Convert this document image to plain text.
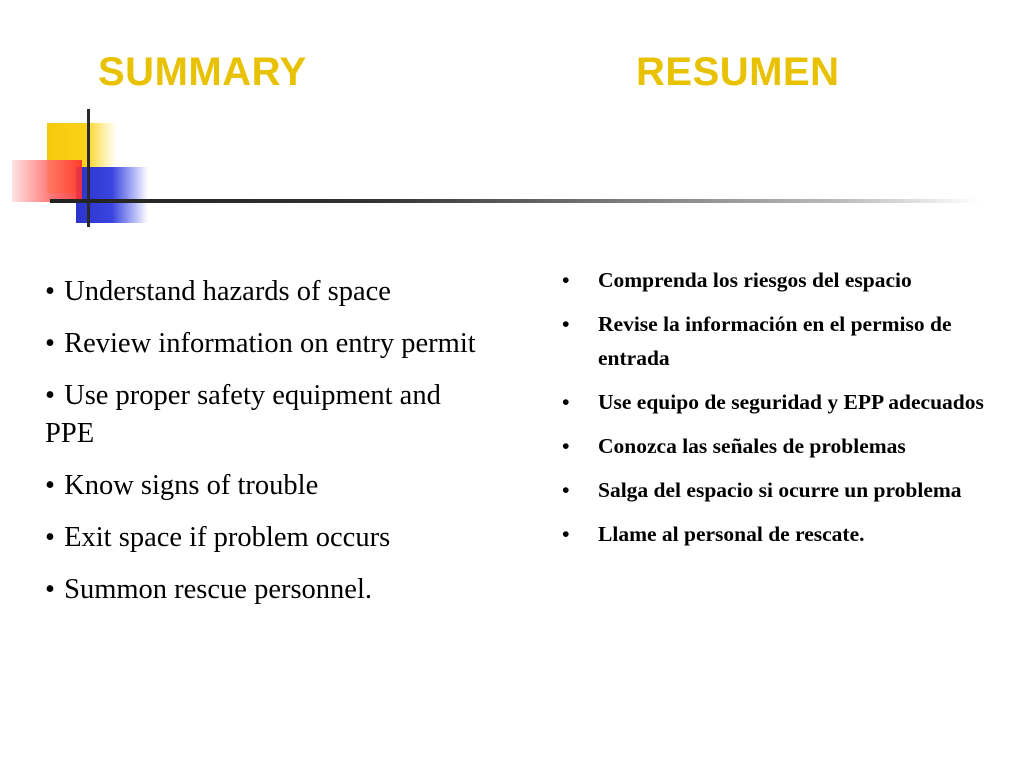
SUMMARY	RESUMEN
• Understand hazards of space
• Review information on entry permit
• Use proper safety equipment and PPE
• Know signs of trouble
• Exit space if problem occurs
• Summon rescue personnel.
• Comprenda los riesgos del espacio
• Revise la información en el permiso de entrada
• Use equipo de seguridad y EPP adecuados
• Conozca las señales de problemas
• Salga del espacio si ocurre un problema
• Llame al personal de rescate.
